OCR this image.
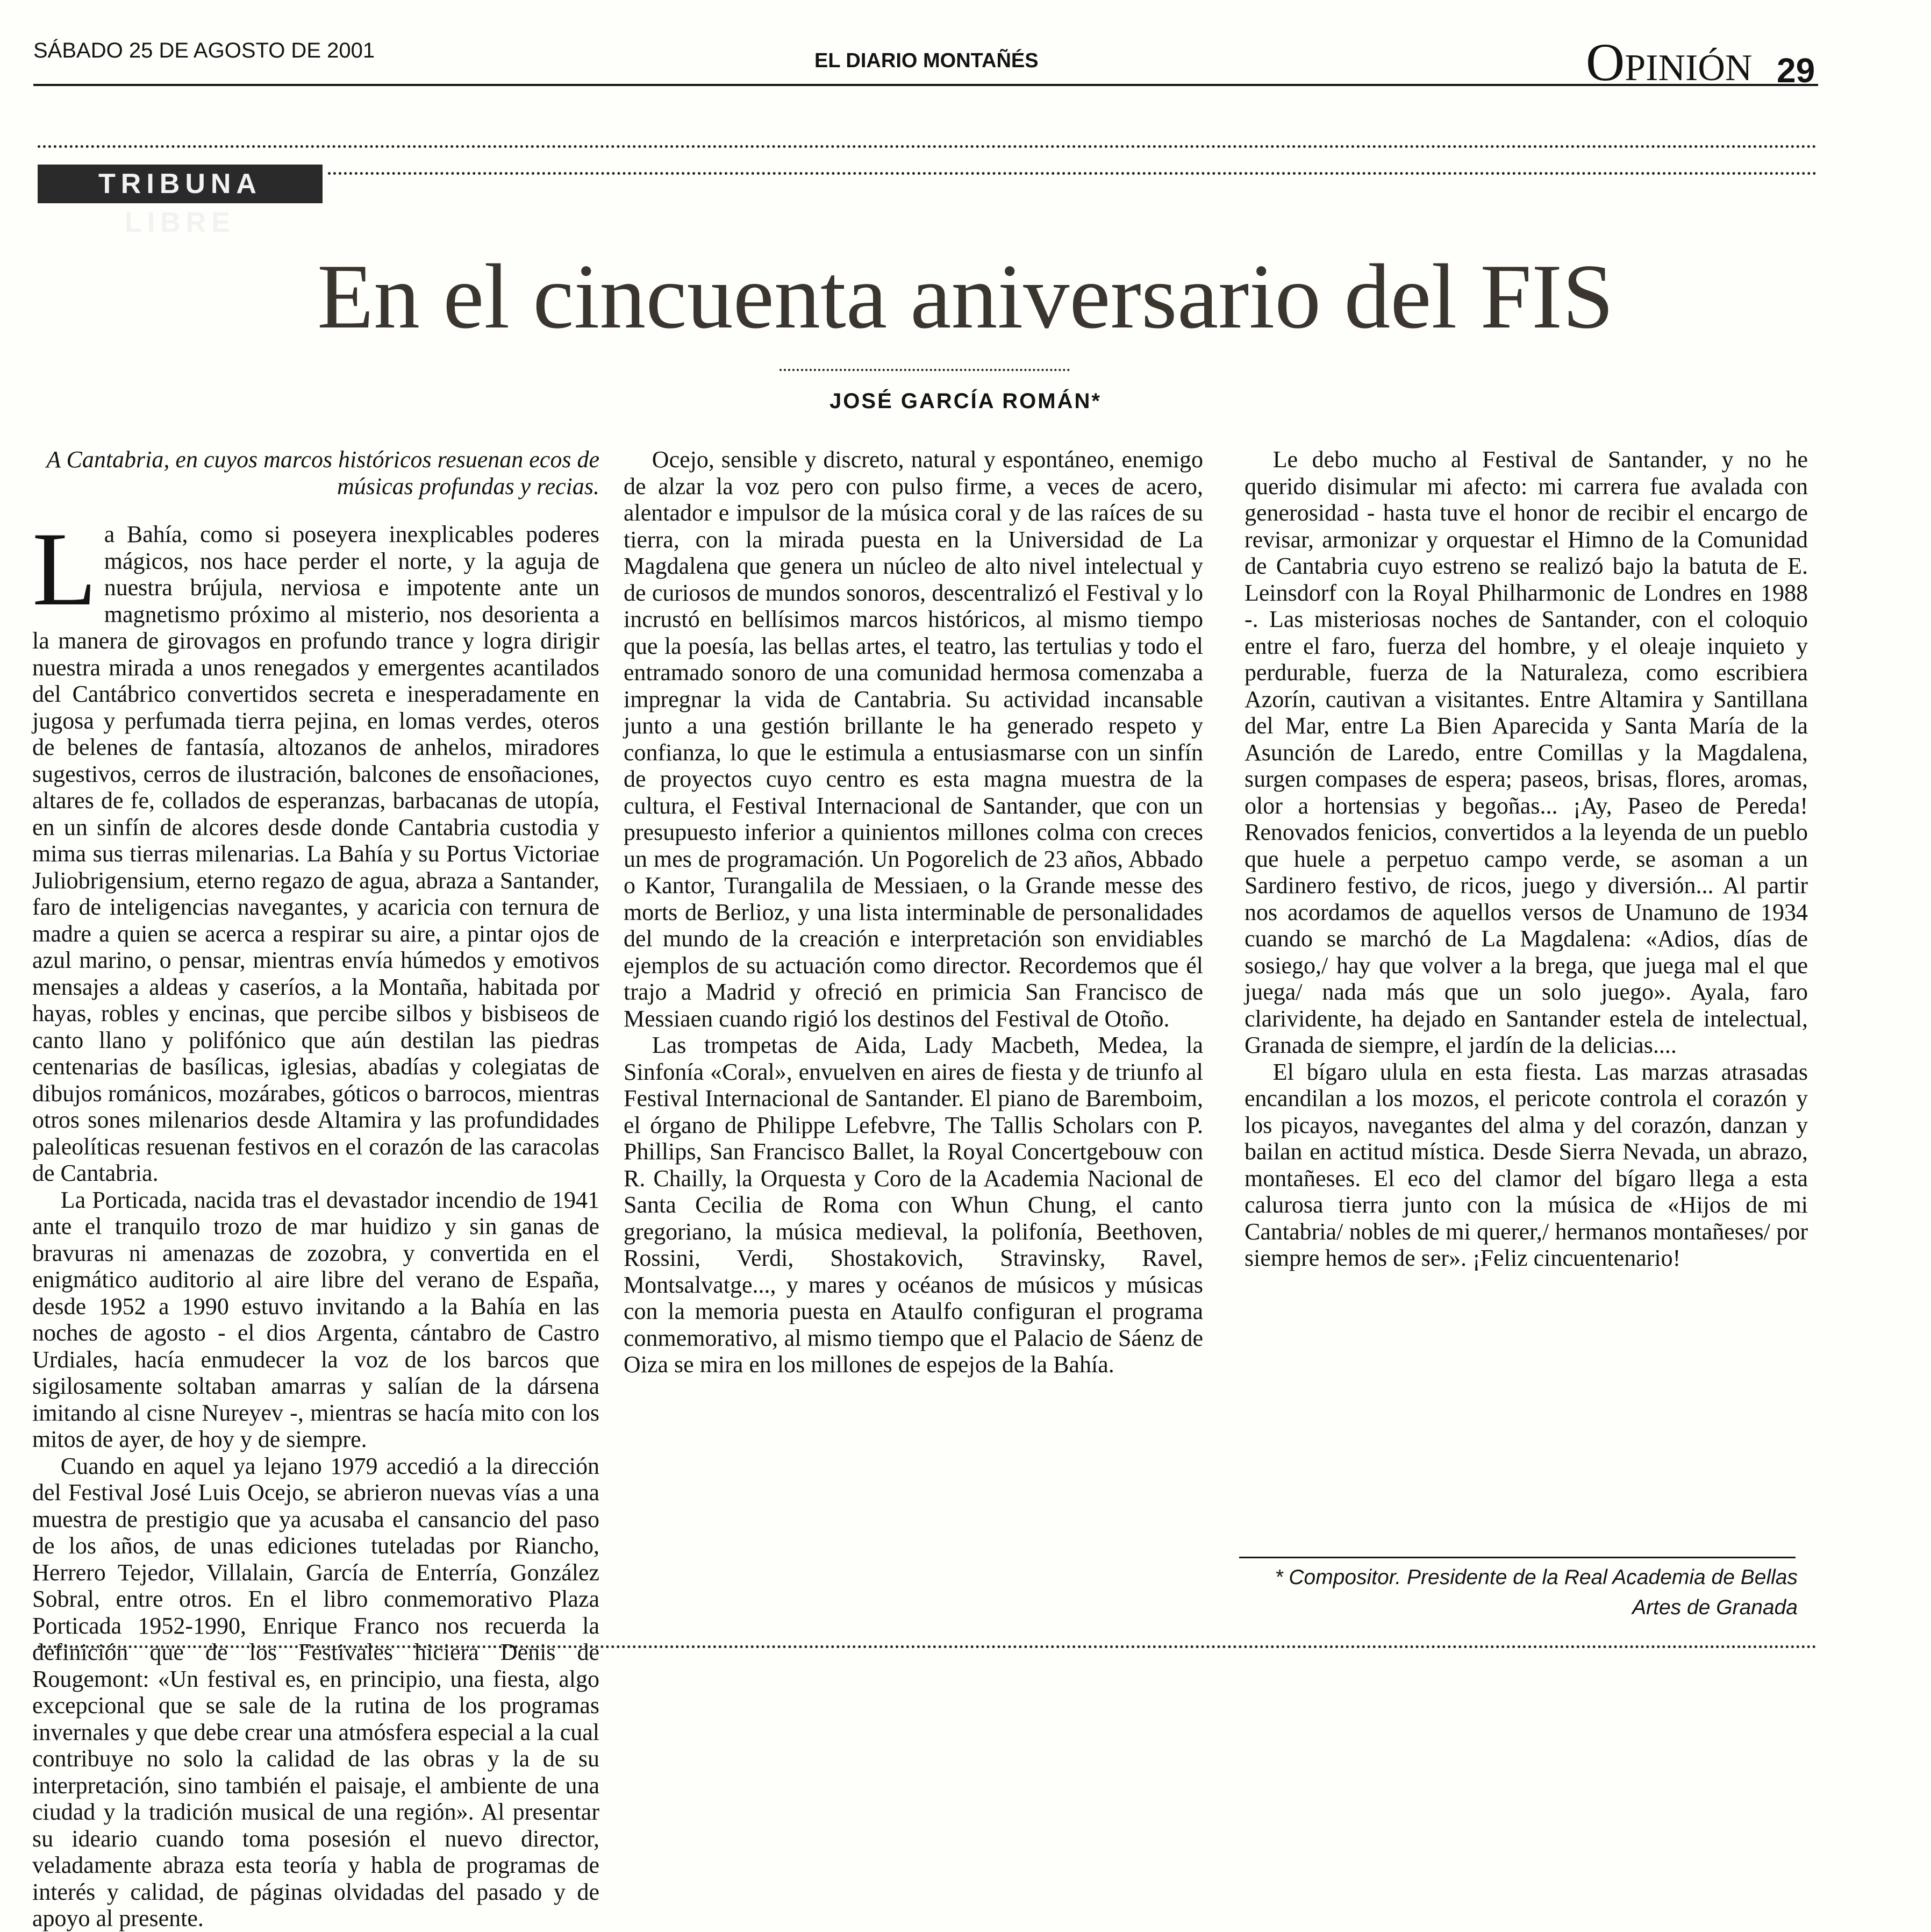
SÁBADO 25 DE AGOSTO DE 2001	EL DIARIO MONTAÑÉS	Opinión 29
TRIBUNA LIBRE
En el cincuenta aniversario del FIS
JOSÉ GARCÍA ROMÁN*

A Cantabria, en cuyos marcos históricos resuenan ecos de músicas profundas y recias.

La Bahía, como si poseyera inexplicables poderes mágicos, nos hace perder el norte, y la aguja de nuestra brújula, nerviosa e impotente ante un magnetismo próximo al misterio, nos desorienta a la manera de girovagos en profundo trance y logra dirigir nuestra mirada a unos renegados y emergentes acantilados del Cantábrico convertidos secreta e inesperadamente en jugosa y perfumada tierra pejina, en lomas verdes, oteros de belenes de fantasía, altozanos de anhelos, miradores sugestivos, cerros de ilustración, balcones de ensoñaciones, altares de fe, collados de esperanzas, barbacanas de utopía, en un sinfín de alcores desde donde Cantabria custodia y mima sus tierras milenarias. La Bahía y su Portus Victoriae Juliobrigensium, eterno regazo de agua, abraza a Santander, faro de inteligencias navegantes, y acaricia con ternura de madre a quien se acerca a respirar su aire, a pintar ojos de azul marino, o pensar, mientras envía húmedos y emotivos mensajes a aldeas y caseríos, a la Montaña, habitada por hayas, robles y encinas, que percibe silbos y bisbiseos de canto llano y polifónico que aún destilan las piedras centenarias de basílicas, iglesias, abadías y colegiatas de dibujos románicos, mozárabes, góticos o barrocos, mientras otros sones milenarios desde Altamira y las profundidades paleolíticas resuenan festivos en el corazón de las caracolas de Cantabria.

La Porticada, nacida tras el devastador incendio de 1941 ante el tranquilo trozo de mar huidizo y sin ganas de bravuras ni amenazas de zozobra, y convertida en el enigmático auditorio al aire libre del verano de España, desde 1952 a 1990 estuvo invitando a la Bahía en las noches de agosto - el dios Argenta, cántabro de Castro Urdiales, hacía enmudecer la voz de los barcos que sigilosamente soltaban amarras y salían de la dársena imitando al cisne Nureyev -, mientras se hacía mito con los mitos de ayer, de hoy y de siempre.

Cuando en aquel ya lejano 1979 accedió a la dirección del Festival José Luis Ocejo, se abrieron nuevas vías a una muestra de prestigio que ya acusaba el cansancio del paso de los años, de unas ediciones tuteladas por Riancho, Herrero Tejedor, Villalain, García de Enterría, González Sobral, entre otros. En el libro conmemorativo Plaza Porticada 1952-1990, Enrique Franco nos recuerda la definición que de los Festivales hiciera Denis de Rougemont: «Un festival es, en principio, una fiesta, algo excepcional que se sale de la rutina de los programas invernales y que debe crear una atmósfera especial a la cual contribuye no solo la calidad de las obras y la de su interpretación, sino también el paisaje, el ambiente de una ciudad y la tradición musical de una región». Al presentar su ideario cuando toma posesión el nuevo director, veladamente abraza esta teoría y habla de programas de interés y calidad, de páginas olvidadas del pasado y de apoyo al presente.

Ocejo, sensible y discreto, natural y espontáneo, enemigo de alzar la voz pero con pulso firme, a veces de acero, alentador e impulsor de la música coral y de las raíces de su tierra, con la mirada puesta en la Universidad de La Magdalena que genera un núcleo de alto nivel intelectual y de curiosos de mundos sonoros, descentralizó el Festival y lo incrustó en bellísimos marcos históricos, al mismo tiempo que la poesía, las bellas artes, el teatro, las tertulias y todo el entramado sonoro de una comunidad hermosa comenzaba a impregnar la vida de Cantabria. Su actividad incansable junto a una gestión brillante le ha generado respeto y confianza, lo que le estimula a entusiasmarse con un sinfín de proyectos cuyo centro es esta magna muestra de la cultura, el Festival Internacional de Santander, que con un presupuesto inferior a quinientos millones colma con creces un mes de programación. Un Pogorelich de 23 años, Abbado o Kantor, Turangalila de Messiaen, o la Grande messe des morts de Berlioz, y una lista interminable de personalidades del mundo de la creación e interpretación son envidiables ejemplos de su actuación como director. Recordemos que él trajo a Madrid y ofreció en primicia San Francisco de Messiaen cuando rigió los destinos del Festival de Otoño.

Las trompetas de Aida, Lady Macbeth, Medea, la Sinfonía «Coral», envuelven en aires de fiesta y de triunfo al Festival Internacional de Santander. El piano de Baremboim, el órgano de Philippe Lefebvre, The Tallis Scholars con P. Phillips, San Francisco Ballet, la Royal Concertgebouw con R. Chailly, la Orquesta y Coro de la Academia Nacional de Santa Cecilia de Roma con Whun Chung, el canto gregoriano, la música medieval, la polifonía, Beethoven, Rossini, Verdi, Shostakovich, Stravinsky, Ravel, Montsalvatge..., y mares y océanos de músicos y músicas con la memoria puesta en Ataulfo configuran el programa conmemorativo, al mismo tiempo que el Palacio de Sáenz de Oiza se mira en los millones de espejos de la Bahía.

Le debo mucho al Festival de Santander, y no he querido disimular mi afecto: mi carrera fue avalada con generosidad - hasta tuve el honor de recibir el encargo de revisar, armonizar y orquestar el Himno de la Comunidad de Cantabria cuyo estreno se realizó bajo la batuta de E. Leinsdorf con la Royal Philharmonic de Londres en 1988 -. Las misteriosas noches de Santander, con el coloquio entre el faro, fuerza del hombre, y el oleaje inquieto y perdurable, fuerza de la Naturaleza, como escribiera Azorín, cautivan a visitantes. Entre Altamira y Santillana del Mar, entre La Bien Aparecida y Santa María de la Asunción de Laredo, entre Comillas y la Magdalena, surgen compases de espera; paseos, brisas, flores, aromas, olor a hortensias y begoñas... ¡Ay, Paseo de Pereda! Renovados fenicios, convertidos a la leyenda de un pueblo que huele a perpetuo campo verde, se asoman a un Sardinero festivo, de ricos, juego y diversión... Al partir nos acordamos de aquellos versos de Unamuno de 1934 cuando se marchó de La Magdalena: «Adios, días de sosiego,/ hay que volver a la brega, que juega mal el que juega/ nada más que un solo juego». Ayala, faro clarividente, ha dejado en Santander estela de intelectual, Granada de siempre, el jardín de la delicias....

El bígaro ulula en esta fiesta. Las marzas atrasadas encandilan a los mozos, el pericote controla el corazón y los picayos, navegantes del alma y del corazón, danzan y bailan en actitud mística. Desde Sierra Nevada, un abrazo, montañeses. El eco del clamor del bígaro llega a esta calurosa tierra junto con la música de «Hijos de mi Cantabria/ nobles de mi querer,/ hermanos montañeses/ por siempre hemos de ser». ¡Feliz cincuentenario!

* Compositor. Presidente de la Real Academia de Bellas Artes de Granada
